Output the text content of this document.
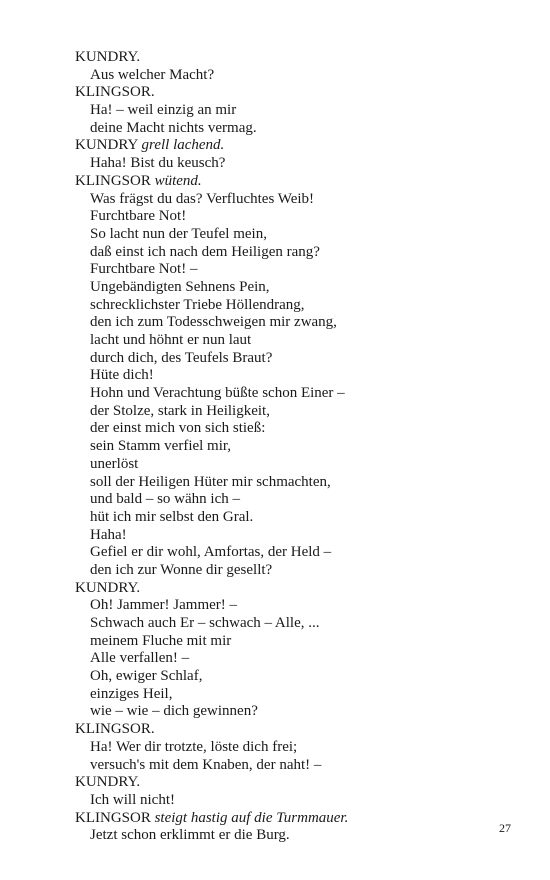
KUNDRY.
Aus welcher Macht?
KLINGSOR.
Ha! – weil einzig an mir
deine Macht nichts vermag.
KUNDRY grell lachend.
Haha! Bist du keusch?
KLINGSOR wütend.
Was frägst du das? Verfluchtes Weib!
Furchtbare Not!
So lacht nun der Teufel mein,
daß einst ich nach dem Heiligen rang?
Furchtbare Not! –
Ungebändigten Sehnens Pein,
schrecklichster Triebe Höllendrang,
den ich zum Todesschweigen mir zwang,
lacht und höhnt er nun laut
durch dich, des Teufels Braut?
Hüte dich!
Hohn und Verachtung büßte schon Einer –
der Stolze, stark in Heiligkeit,
der einst mich von sich stieß:
sein Stamm verfiel mir,
unerlöst
soll der Heiligen Hüter mir schmachten,
und bald – so wähn ich –
hüt ich mir selbst den Gral.
Haha!
Gefiel er dir wohl, Amfortas, der Held –
den ich zur Wonne dir gesellt?
KUNDRY.
Oh! Jammer! Jammer! –
Schwach auch Er – schwach – Alle, ...
meinem Fluche mit mir
Alle verfallen! –
Oh, ewiger Schlaf,
einziges Heil,
wie – wie – dich gewinnen?
KLINGSOR.
Ha! Wer dir trotzte, löste dich frei;
versuch's mit dem Knaben, der naht! –
KUNDRY.
Ich will nicht!
KLINGSOR steigt hastig auf die Turmmauer.
Jetzt schon erklimmt er die Burg.	27
